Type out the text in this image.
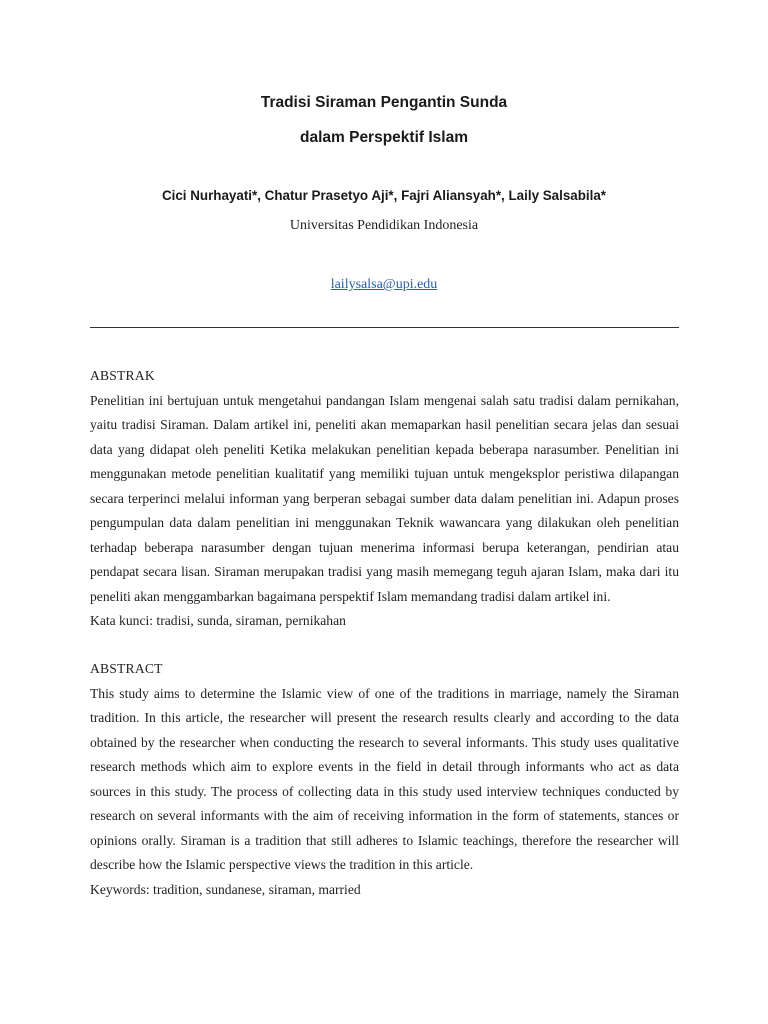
Tradisi Siraman Pengantin Sunda
dalam Perspektif Islam
Cici Nurhayati*, Chatur Prasetyo Aji*, Fajri Aliansyah*, Laily Salsabila*
Universitas Pendidikan Indonesia
lailysalsa@upi.edu
ABSTRAK

Penelitian ini bertujuan untuk mengetahui pandangan Islam mengenai salah satu tradisi dalam pernikahan, yaitu tradisi Siraman. Dalam artikel ini, peneliti akan memaparkan hasil penelitian secara jelas dan sesuai data yang didapat oleh peneliti Ketika melakukan penelitian kepada beberapa narasumber. Penelitian ini menggunakan metode penelitian kualitatif yang memiliki tujuan untuk mengeksplor peristiwa dilapangan secara terperinci melalui informan yang berperan sebagai sumber data dalam penelitian ini. Adapun proses pengumpulan data dalam penelitian ini menggunakan Teknik wawancara yang dilakukan oleh penelitian terhadap beberapa narasumber dengan tujuan menerima informasi berupa keterangan, pendirian atau pendapat secara lisan. Siraman merupakan tradisi yang masih memegang teguh ajaran Islam, maka dari itu peneliti akan menggambarkan bagaimana perspektif Islam memandang tradisi dalam artikel ini.

Kata kunci: tradisi, sunda, siraman, pernikahan
ABSTRACT

This study aims to determine the Islamic view of one of the traditions in marriage, namely the Siraman tradition. In this article, the researcher will present the research results clearly and according to the data obtained by the researcher when conducting the research to several informants. This study uses qualitative research methods which aim to explore events in the field in detail through informants who act as data sources in this study. The process of collecting data in this study used interview techniques conducted by research on several informants with the aim of receiving information in the form of statements, stances or opinions orally. Siraman is a tradition that still adheres to Islamic teachings, therefore the researcher will describe how the Islamic perspective views the tradition in this article.

Keywords: tradition, sundanese, siraman, married
